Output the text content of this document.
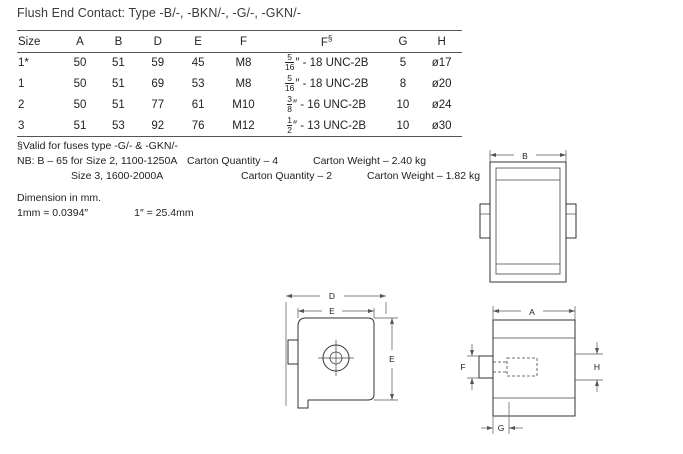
Flush End Contact: Type -B/-, -BKN/-, -G/-, -GKN/-
Size	A	B	D	E	F	F§	G	H
1*	50	51	59	45	M8	$\frac{5}{16}$ ″ - 18 UNC-2B	5	ø17
1	50	51	69	53	M8	$\frac{5}{16}$ ″ - 18 UNC-2B	8	ø20
2	50	51	77	61	M10	$\frac{3}{8}$ ″ - 16 UNC-2B	10	ø24
3	51	53	92	76	M12	$\frac{1}{2}$ ″ - 13 UNC-2B	10	ø30
§Valid for fuses type -G/- & -GKN/-
NB: B – 65 for Size 2, 1100-1250A Carton Quantity – 4	Carton Weight – 2.40 kg
Size 3, 1600-2000A	Carton Quantity – 2	Carton Weight – 1.82 kg
Dimension in mm.
1mm = 0.0394″	1″ = 25.4mm
B
D
E
E
A
F	H
G
